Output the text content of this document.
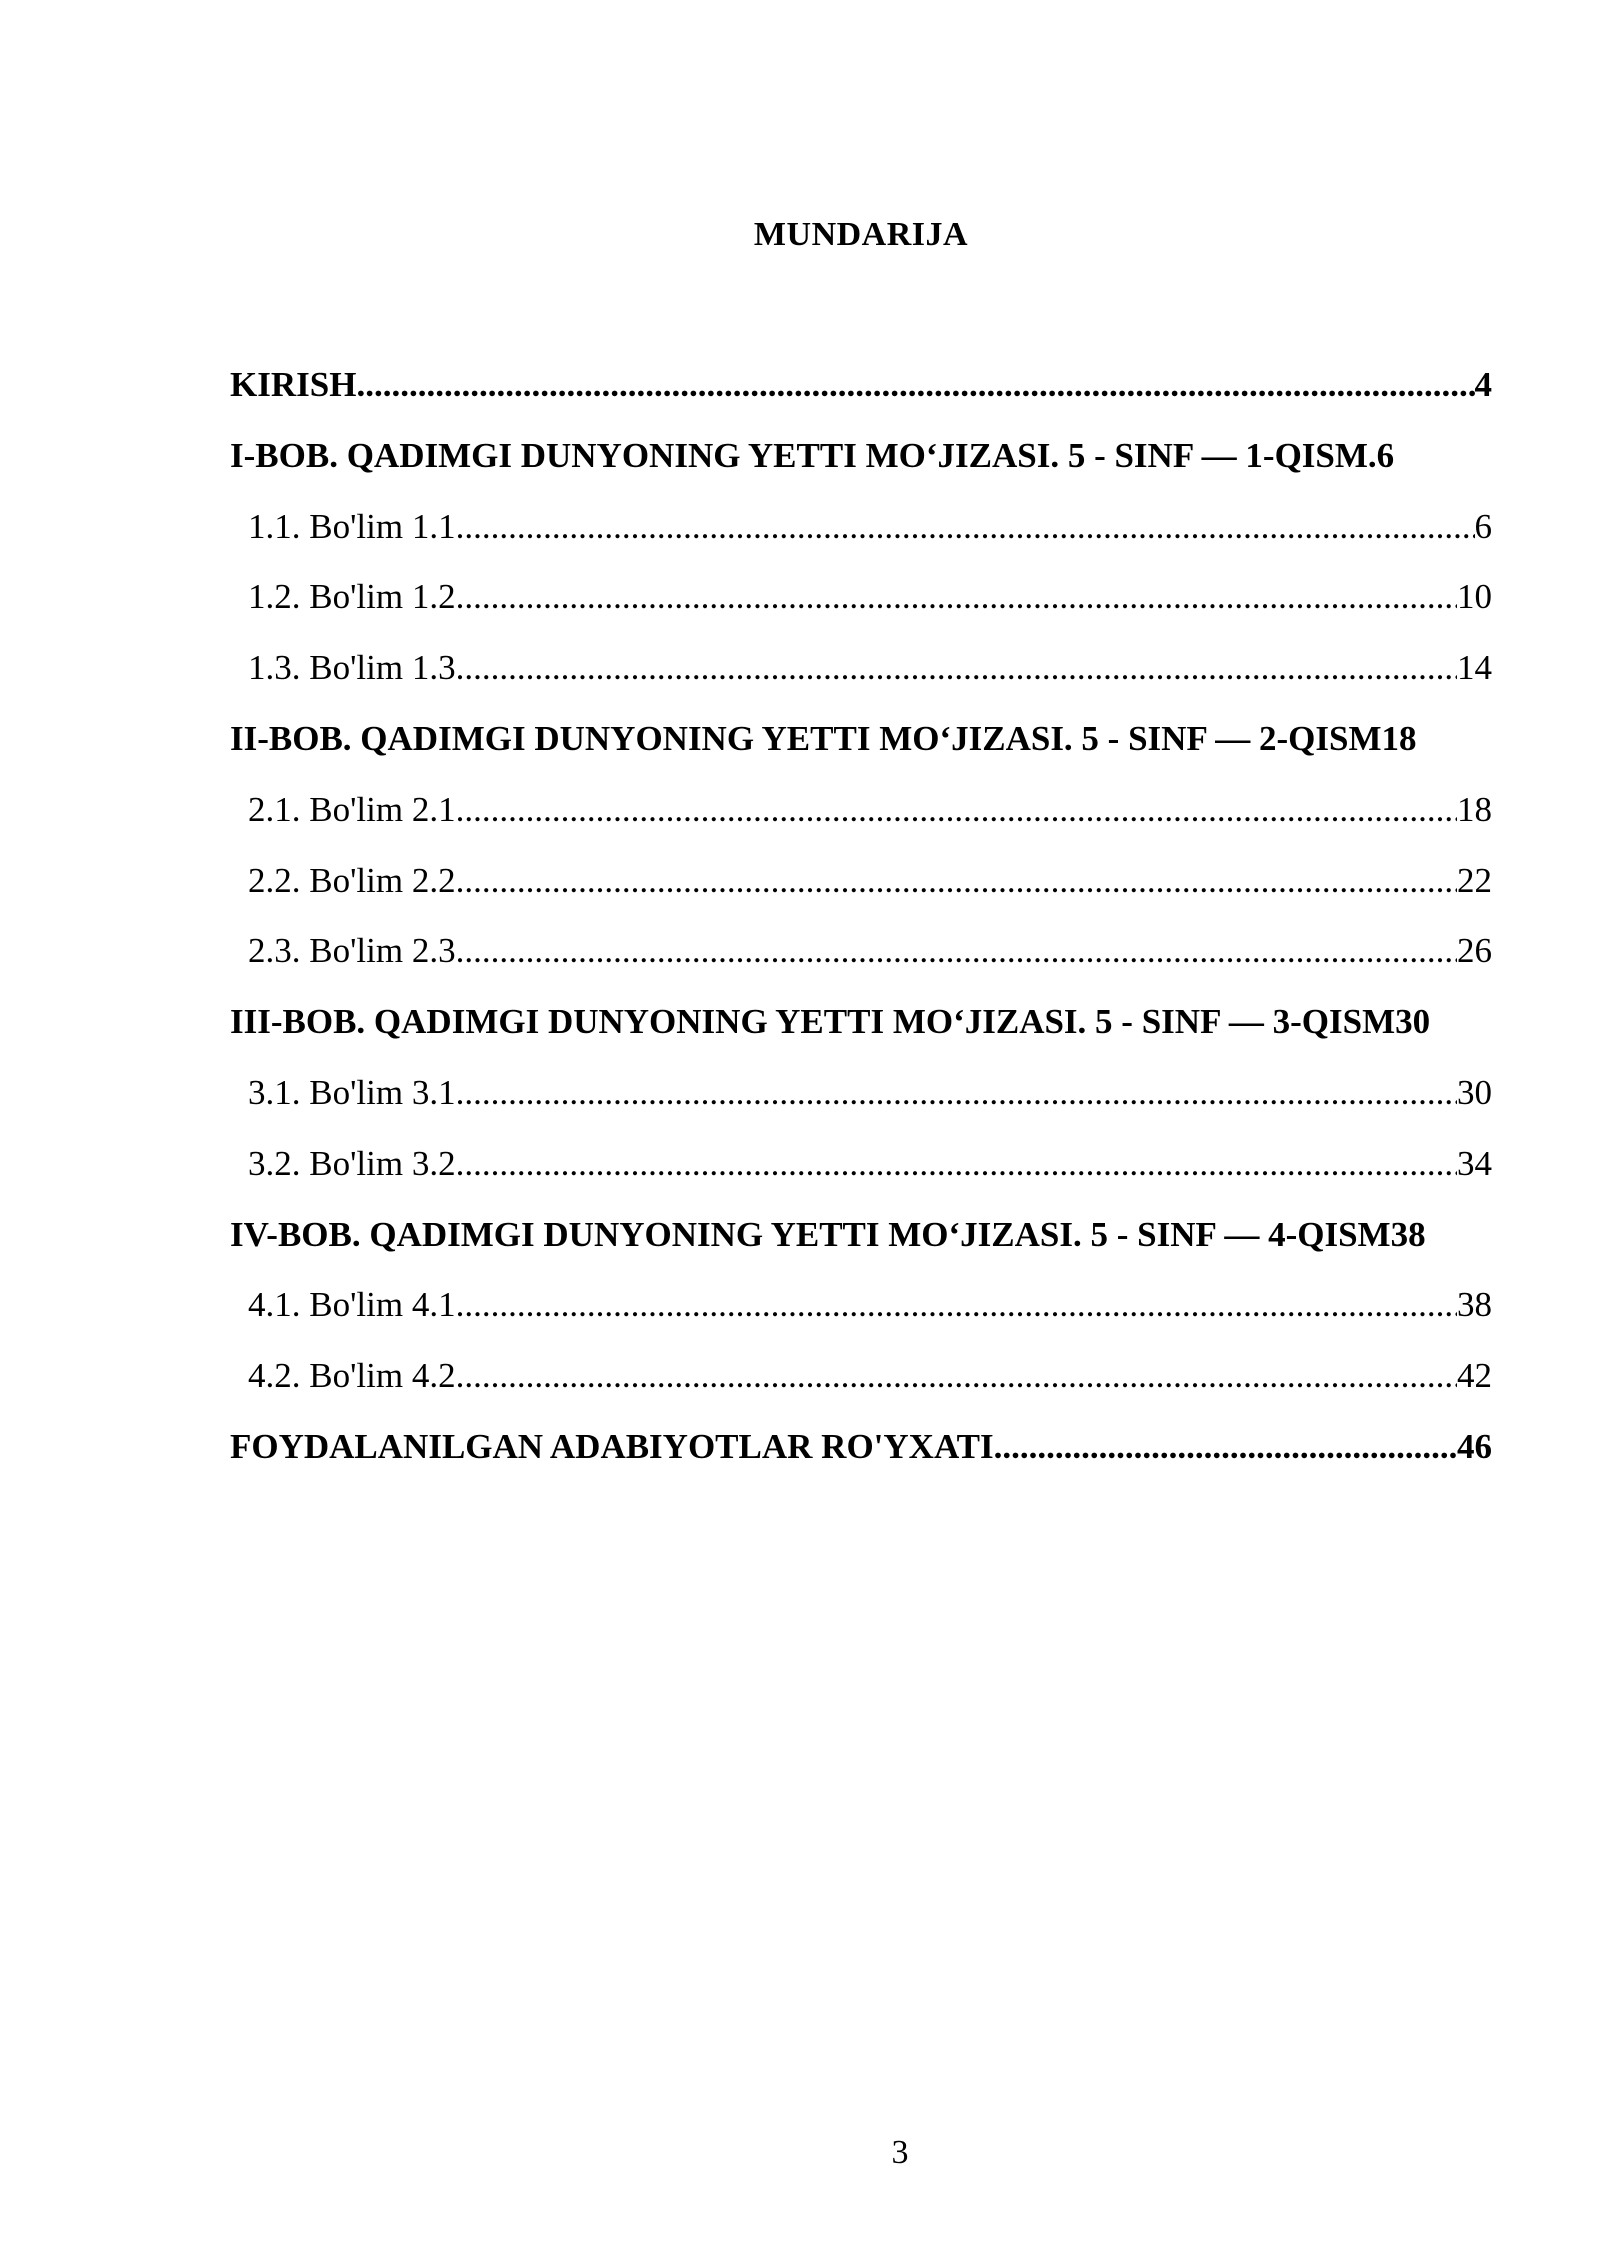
MUNDARIJA
KIRISH .....	4
I-BOB. QADIMGI DUNYONING YETTI MO‘JIZASI. 5 - SINF — 1-QISM. 6
1.1. Bo'lim 1.1 .....	6
1.2. Bo'lim 1.2 .....	10
1.3. Bo'lim 1.3 .....	14
II-BOB. QADIMGI DUNYONING YETTI MO‘JIZASI. 5 - SINF — 2-QISM 18
2.1. Bo'lim 2.1 .....	18
2.2. Bo'lim 2.2 .....	22
2.3. Bo'lim 2.3 .....	26
III-BOB. QADIMGI DUNYONING YETTI MO‘JIZASI. 5 - SINF — 3-QISM 30
3.1. Bo'lim 3.1 .....	30
3.2. Bo'lim 3.2 .....	34
IV-BOB. QADIMGI DUNYONING YETTI MO‘JIZASI. 5 - SINF — 4-QISM 38
4.1. Bo'lim 4.1 .....	38
4.2. Bo'lim 4.2 .....	42
FOYDALANILGAN ADABIYOTLAR RO'YXATI .....	46
3
